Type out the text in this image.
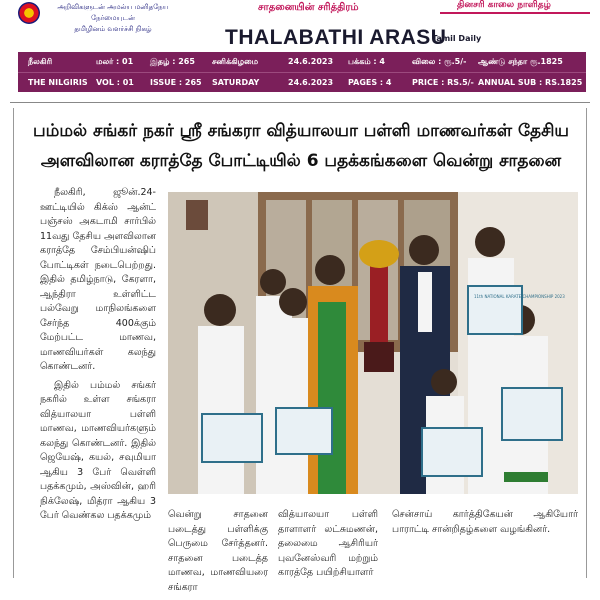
அறிவிகளுடன் அமல்ய மனிதநேய நேர்மையுடன்
தமிழினம் வளர்ச்சி நிகழ்
சாதனையின் சரித்திரம்
THALABATHI ARASU
Tamil Daily
தினசரி காலை நாளிதழ்
நீலகிரி	மலர் : 01 இதழ் : 265 சனிக்கிழமை	24.6.2023 பக்கம் : 4	விலை : ரூ.5/- ஆண்டு சந்தா ரூ.1825
THE NILGIRIS VOL : 01 ISSUE : 265 SATURDAY	24.6.2023 PAGES : 4	PRICE : RS.5/- ANNUAL SUB : RS.1825
பம்மல் சங்கர் நகர் ஸ்ரீ சங்கரா வித்யாலயா பள்ளி மாணவர்கள் தேசிய
அளவிலான கராத்தே போட்டியில் 6 பதக்கங்களை வென்று சாதனை

நீலகிரி, ஜூன்.24- ஊட்டியில் கிக்ஸ் ஆன்ட் பஞ்சஸ் அகடாமி சார்பில் 11வது தேசிய அளவிலான கராத்தே சேம்பியன்ஷிப் போட்டிகள் நடைபெற்றது. இதில் தமிழ்நாடு, கேரளா, ஆந்திரா உள்ளிட்ட பல்வேறு மாநிலங்களை சேர்ந்த 400க்கும் மேற்பட்ட மாணவ, மாணவியர்கள் கலந்து கொண்டனர்.

இதில் பம்மல் சங்கர் நகரில் உள்ள சங்கரா வித்யாலயா பள்ளி மாணவ, மாணவியர்களும் கலந்து கொண்டனர். இதில் ஜெயேஷ், கயல், சவுமியா ஆகிய 3 பேர் வெள்ளி பதக்கமும், அஸ்வின், ஹரி நிக்லேஷ், மித்ரா ஆகிய 3 பேர் வெண்கல பதக்கமும்

11th NATIONAL KARATE CHAMPIONSHIP 2023
வென்று சாதனை படைத்து பள்ளிக்கு பெருமை சேர்த்தனர். சாதனை படைத்த மாணவ, மாணவியரை சங்கரா
வித்யாலயா பள்ளி தாளாளர் லட்சுமணன், தலைமை ஆசிரியர் புவனேஸ்வரி மற்றும் காரத்தே பயிற்சியாளர்
சென்சாய் கார்த்திகேயன் ஆகியோர் பாராட்டி சான்றிதழ்களை வழங்கினர்.
